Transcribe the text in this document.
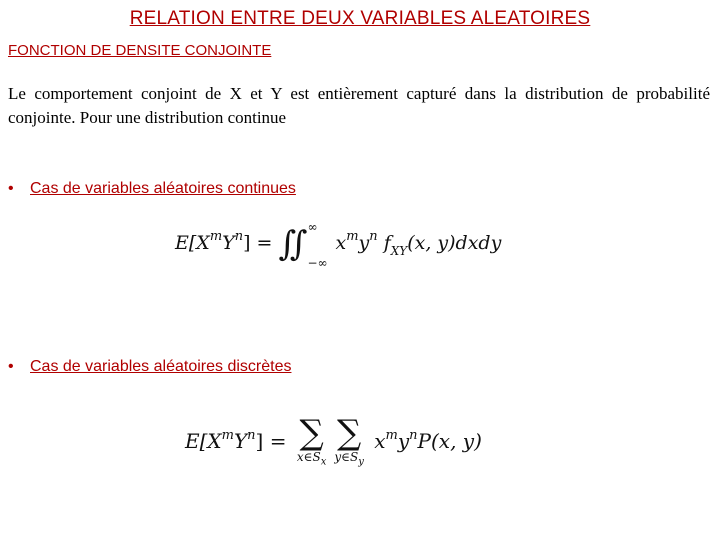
RELATION ENTRE DEUX VARIABLES ALEATOIRES
FONCTION DE DENSITE CONJOINTE

Le comportement conjoint de X et Y est entièrement capturé dans la distribution de probabilité conjointe. Pour une distribution continue

• Cas de variables aléatoires continues

$E[X^mY^n]$ = ∬ ∞
−∞
$x^my^n$ $f_{XY}(x$, y)dxdy

• Cas de variables aléatoires discrètes

$E[X^mY^n]$ = ∑
$x\in S_x$
∑
$y\in S_y$
$x^my^nP(x$, y)
